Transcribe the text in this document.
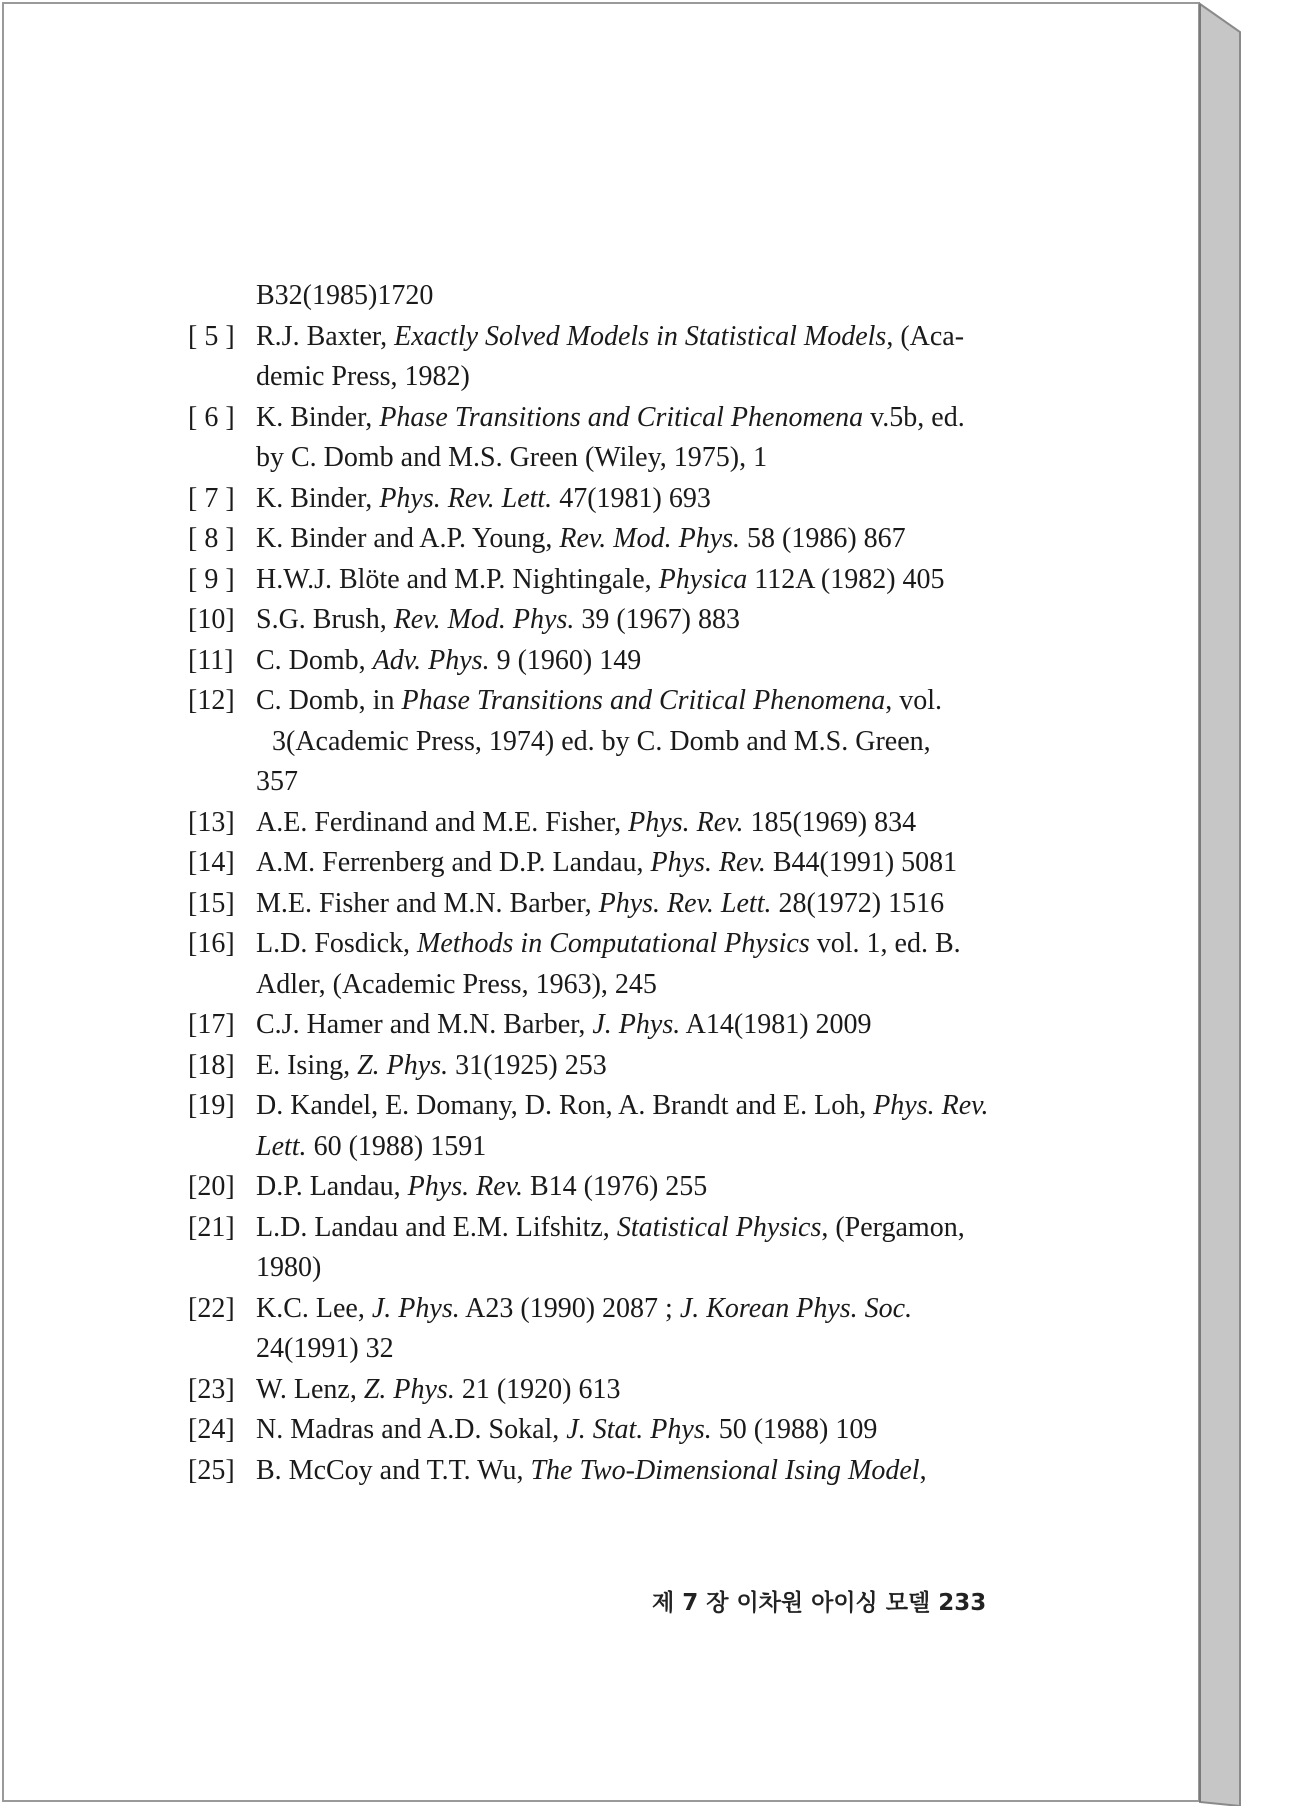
B32(1985)1720
[ 5 ] R.J. Baxter, Exactly Solved Models in Statistical Models, (Aca-
demic Press, 1982)
[ 6 ] K. Binder, Phase Transitions and Critical Phenomena v.5b, ed.
by C. Domb and M.S. Green (Wiley, 1975), 1
[ 7 ] K. Binder, Phys. Rev. Lett. 47(1981) 693
[ 8 ] K. Binder and A.P. Young, Rev. Mod. Phys. 58 (1986) 867
[ 9 ] H.W.J. Blöte and M.P. Nightingale, Physica 112A (1982) 405
[10] S.G. Brush, Rev. Mod. Phys. 39 (1967) 883
[11] C. Domb, Adv. Phys. 9 (1960) 149
[12] C. Domb, in Phase Transitions and Critical Phenomena, vol.
3(Academic Press, 1974) ed. by C. Domb and M.S. Green,
357
[13] A.E. Ferdinand and M.E. Fisher, Phys. Rev. 185(1969) 834
[14] A.M. Ferrenberg and D.P. Landau, Phys. Rev. B44(1991) 5081
[15] M.E. Fisher and M.N. Barber, Phys. Rev. Lett. 28(1972) 1516
[16] L.D. Fosdick, Methods in Computational Physics vol. 1, ed. B.
Adler, (Academic Press, 1963), 245
[17] C.J. Hamer and M.N. Barber, J. Phys. A14(1981) 2009
[18] E. Ising, Z. Phys. 31(1925) 253
[19] D. Kandel, E. Domany, D. Ron, A. Brandt and E. Loh, Phys. Rev.
Lett. 60 (1988) 1591
[20] D.P. Landau, Phys. Rev. B14 (1976) 255
[21] L.D. Landau and E.M. Lifshitz, Statistical Physics, (Pergamon,
1980)
[22] K.C. Lee, J. Phys. A23 (1990) 2087 ; J. Korean Phys. Soc.
24(1991) 32
[23] W. Lenz, Z. Phys. 21 (1920) 613
[24] N. Madras and A.D. Sokal, J. Stat. Phys. 50 (1988) 109
[25] B. McCoy and T.T. Wu, The Two-Dimensional Ising Model,
제 7 장 이차원 아이싱 모델 233
